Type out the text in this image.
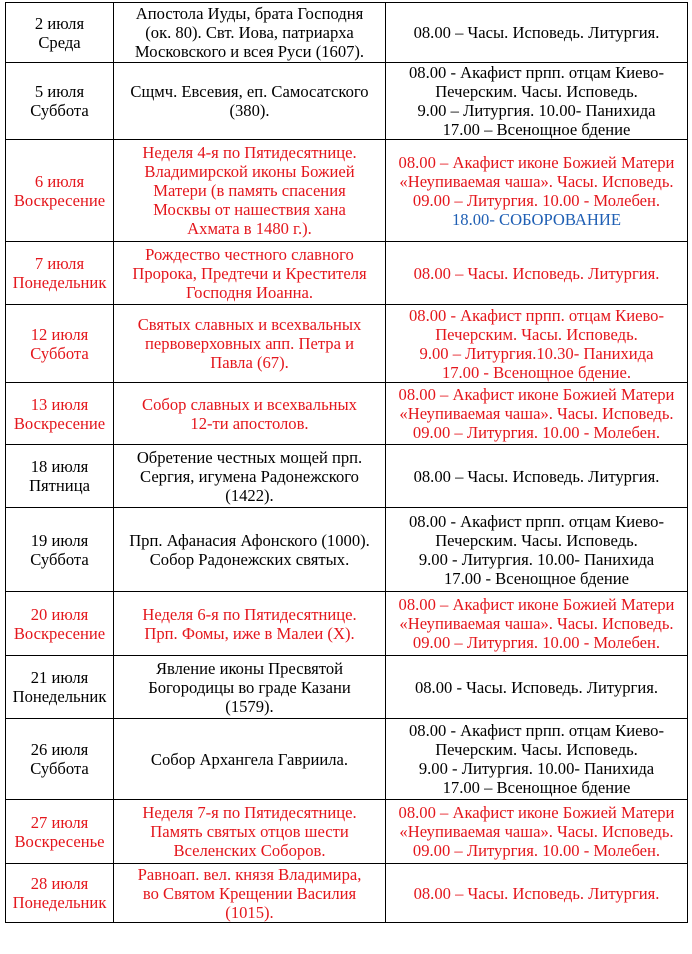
2 июля
Среда	Апостола Иуды, брата Господня
(ок. 80). Свт. Иова, патриарха
Московского и всея Руси (1607).	08.00 – Часы. Исповедь. Литургия.

5 июля
Суббота	Сщмч. Евсевия, еп. Самосатского
(380).	08.00 - Акафист прпп. отцам Киево-
Печерским. Часы. Исповедь.
9.00 – Литургия. 10.00- Панихида
17.00 – Всенощное бдение

6 июля
Воскресение	Неделя 4-я по Пятидесятнице.
Владимирской иконы Божией
Матери (в память спасения
Москвы от нашествия хана
Ахмата в 1480 г.).	08.00 – Акафист иконе Божией Матери
«Неупиваемая чаша». Часы. Исповедь.
09.00 – Литургия. 10.00 - Молебен.
18.00- СОБОРОВАНИЕ

7 июля
Понедельник	Рождество честного славного
Пророка, Предтечи и Крестителя
Господня Иоанна.	08.00 – Часы. Исповедь. Литургия.

12 июля
Суббота	Святых славных и всехвальных
первоверховных апп. Петра и
Павла (67).	08.00 - Акафист прпп. отцам Киево-
Печерским. Часы. Исповедь.
9.00 – Литургия.10.30- Панихида
17.00 - Всенощное бдение.

13 июля
Воскресение	Собор славных и всехвальных
12-ти апостолов.	08.00 – Акафист иконе Божией Матери
«Неупиваемая чаша». Часы. Исповедь.
09.00 – Литургия. 10.00 - Молебен.

18 июля
Пятница	Обретение честных мощей прп.
Сергия, игумена Радонежского
(1422).	08.00 – Часы. Исповедь. Литургия.

19 июля
Суббота	Прп. Афанасия Афонского (1000).
Собор Радонежских святых.	08.00 - Акафист прпп. отцам Киево-
Печерским. Часы. Исповедь.
9.00 - Литургия. 10.00- Панихида
17.00 - Всенощное бдение

20 июля
Воскресение	Неделя 6-я по Пятидесятнице.
Прп. Фомы, иже в Малеи (X).	08.00 – Акафист иконе Божией Матери
«Неупиваемая чаша». Часы. Исповедь.
09.00 – Литургия. 10.00 - Молебен.

21 июля
Понедельник	Явление иконы Пресвятой
Богородицы во граде Казани
(1579).	08.00 - Часы. Исповедь. Литургия.

26 июля
Суббота	Собор Архангела Гавриила.	08.00 - Акафист прпп. отцам Киево-
Печерским. Часы. Исповедь.
9.00 - Литургия. 10.00- Панихида
17.00 – Всенощное бдение

27 июля
Воскресенье	Неделя 7-я по Пятидесятнице.
Память святых отцов шести
Вселенских Соборов.	08.00 – Акафист иконе Божией Матери
«Неупиваемая чаша». Часы. Исповедь.
09.00 – Литургия. 10.00 - Молебен.

28 июля
Понедельник	Равноап. вел. князя Владимира,
во Святом Крещении Василия
(1015).	08.00 – Часы. Исповедь. Литургия.
